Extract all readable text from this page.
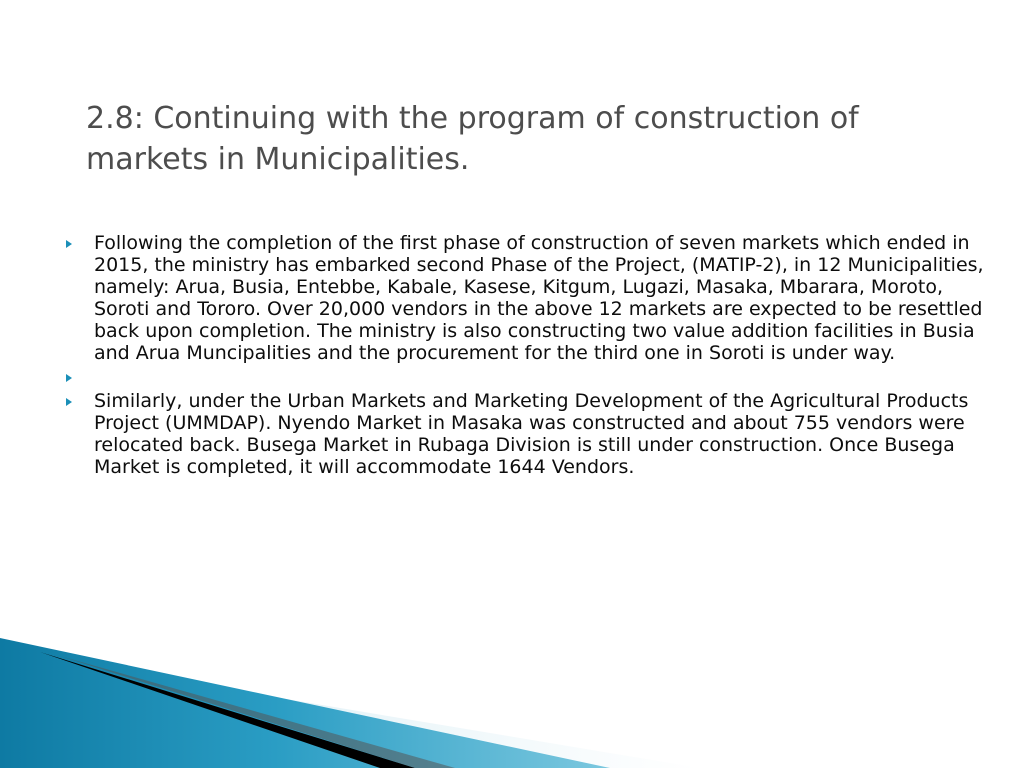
2.8: Continuing with the program of construction of markets in Municipalities.
Following the completion of the first phase of construction of seven markets which ended in 2015, the ministry has embarked second Phase of the Project, (MATIP-2), in 12 Municipalities, namely: Arua, Busia, Entebbe, Kabale, Kasese, Kitgum, Lugazi, Masaka, Mbarara, Moroto, Soroti and Tororo. Over 20,000 vendors in the above 12 markets are expected to be resettled back upon completion. The ministry is also constructing two value addition facilities in Busia and Arua Muncipalities and the procurement for the third one in Soroti is under way.
Similarly, under the Urban Markets and Marketing Development of the Agricultural Products Project (UMMDAP). Nyendo Market in Masaka was constructed and about 755 vendors were relocated back. Busega Market in Rubaga Division is still under construction. Once Busega Market is completed, it will accommodate 1644 Vendors.
